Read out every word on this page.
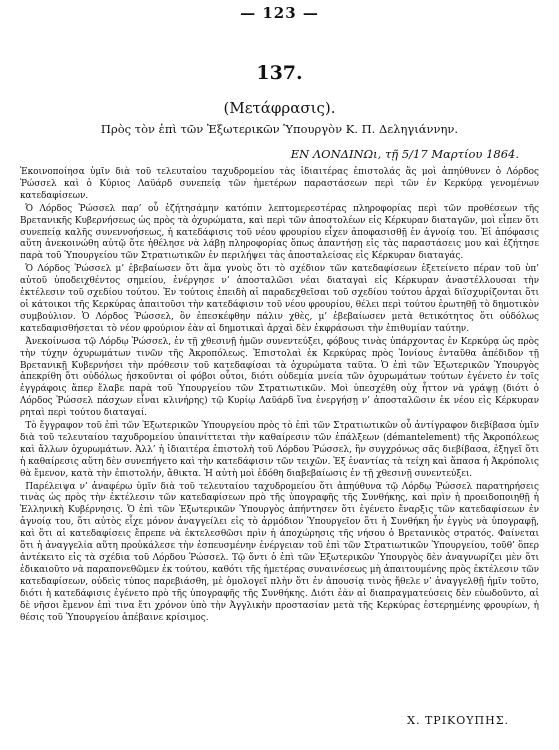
— 123 —
137.
(Μετάφρασις).
Πρὸς τὸν ἐπὶ τῶν Ἐξωτερικῶν Ὑπουργὸν Κ. Π. Δεληγιάννην.
ΕΝ ΛΟΝΔΙΝΩι, τῇ 5/17 Μαρτίου 1864.

Ἐκοινοποίησα ὑμῖν διὰ τοῦ τελευταίου ταχυδρομείου τὰς ἰδιαιτέρας ἐπιστολάς ἅς μοὶ ἀπηύθυνεν ὁ Λόρδος Ῥώσσελ καὶ ὁ Κύριος Λαϋάρδ συνεπείᾳ τῶν ἡμετέρων παραστάσεων περὶ τῶν ἐν Κερκύρᾳ γενομένων κατεδαφίσεων.

Ὁ Λόρδος Ῥώσσελ παρ’ οὗ ἐζήτησάμην κατόπιν λεπτομερεστέρας πληροφορίας περὶ τῶν προθέσεων τῆς Βρετανικῆς Κυβερνήσεως ὡς πρὸς τὰ ὀχυρώματα, καὶ περὶ τῶν ἀποστολέων εἰς Κέρκυραν διαταγῶν, μοὶ εἶπεν ὅτι συνεπείᾳ καλῆς συνεννοήσεως, ἡ κατεδάφισις τοῦ νέου φρουρίου εἶχεν ἀποφασισθῇ ἐν ἀγνοίᾳ του. Ἐἰ ἀπόφασις αὕτη ἀνεκοινώθη αὐτῷ ὅτε ἠθέλησε νὰ λάβῃ πληροφορίας ὅπως ἀπαντήσῃ εἰς τὰς παραστάσεις μου καὶ ἐζήτησε παρὰ τοῦ Ὑπουργείου τῶν Στρατιωτικῶν ἐν περιλήψει τὰς ἀποσταλείσας εἰς Κέρκυραν διαταγάς.

Ὁ Λόρδος Ῥώσσελ μ’ ἐβεβαίωσεν ὅτι ἅμα γνοὺς ὅτι τὸ σχέδιον τῶν κατεδαφίσεων ἐξετείνετο πέραν τοῦ ὑπ’ αὐτοῦ ὑποδειχθέντος σημείου, ἐνέργησε ν’ ἀποσταλῶσι νέαι διαταγαὶ εἰς Κέρκυραν ἀναστέλλουσαι τὴν ἐκτέλεσιν τοῦ σχεδίου τούτου. Ἐν τούτοις ἐπειδὴ αἱ παραδεχθεῖσαι τοῦ σχεδίου τούτου ἀρχαὶ διϊσχυρίζονται ὅτι οἱ κάτοικοι τῆς Κερκύρας ἀπαιτοῦσι τὴν κατεδάφισιν τοῦ νέου φρουρίου, θέλει περὶ τούτου ἐρωτηθῇ τὸ δημοτικὸν συμβούλιον. Ὁ Λόρδος Ῥώσσελ, ὃν ἐπεσκέφθην πάλιν χθὲς, μ’ ἐβεβαίωσεν μετὰ θετικότητος ὅτι οὐδόλως κατεδαφισθήσεται τὸ νέον φρούριον ἐὰν αἱ δημοτικαὶ ἀρχαὶ δὲν ἐκφράσωσι τὴν ἐπιθυμίαν ταύτην.

Ἀνεκοίνωσα τῷ Λόρδῳ Ῥώσσελ, ἐν τῇ χθεσινῇ ἡμῶν συνεντεύξει, φόβους τινὰς ὑπάρχοντας ἐν Κερκύρᾳ ὡς πρὸς τὴν τύχην ὀχυρωμάτων τινῶν τῆς Ἀκροπόλεως. Ἐπιστολαὶ ἐκ Κερκύρας πρὸς Ἰονίους ἐνταῦθα ἀπέδιδον τῇ Βρετανικῇ Κυβερνήσει τὴν πρόθεσιν τοῦ κατεδαφίσαι τὰ ὀχυρώματα ταῦτα. Ὁ ἐπὶ τῶν Ἐξωτερικῶν Ὑπουργὸς ἀπεκρίθη ὅτι οὐδόλως ἠσκοῦνται οἱ φόβοι οὗτοι, διότι οὐδεμία μνεία τῶν ὀχυρωμάτων τούτων ἐγένετο ἐν τοῖς ἐγγράφοις ἅπερ ἔλαβε παρὰ τοῦ Ὑπουργείου τῶν Στρατιωτικῶν. Μοὶ ὑπεσχέθη οὐχ ἧττον νὰ γράψῃ (διότι ὁ Λόρδος Ῥώσσελ πάσχων εἶναι κλινήρης) τῷ Κυρίῳ Λαϋάρδ ἵνα ἐνεργήσῃ ν’ ἀποσταλῶσιν ἐκ νέου εἰς Κέρκυραν ρηταὶ περὶ τούτου διαταγαί.

Τὸ ἔγγραφον τοῦ ἐπὶ τῶν Ἐξωτερικῶν Ὑπουργείου πρὸς τὸ ἐπὶ τῶν Στρατιωτικῶν οὗ ἀντίγραφον διεβίβασα ὑμῖν διὰ τοῦ τελευταίου ταχυδρομείου ὑπαινίττεται τὴν καθαίρεσιν τῶν ἐπάλξεων (démantelement) τῆς Ἀκροπόλεως καὶ ἄλλων ὀχυρωμάτων. Ἀλλ’ ἡ ἰδιαιτέρα ἐπιστολὴ τοῦ Λόρδου Ῥώσσελ, ἣν συγχρόνως σᾶς διεβίβασα, ἐξηγεῖ ὅτι ἡ καθαίρεσις αὕτη δὲν συνεπήγετο καὶ τὴν κατεδάφισιν τῶν τειχῶν. Ἐξ ἐναντίας τὰ τείχη καὶ ἅπασα ἡ Ἀκρόπολις θὰ ἔμενον, κατὰ τὴν ἐπιστολήν, ἄθικτα. Ἡ αὐτὴ μοὶ ἐδόθη διαβεβαίωσις ἐν τῇ χθεσινῇ συνεντεύξει.

Παρέλειψα ν’ ἀναφέρω ὑμῖν διὰ τοῦ τελευταίου ταχυδρομείου ὅτι ἀπηύθυνα τῷ Λόρδῳ Ῥώσσελ παρατηρήσεις τινὰς ὡς πρὸς τὴν ἐκτέλεσιν τῶν κατεδαφίσεων πρὸ τῆς ὑπογραφῆς τῆς Συνθήκης, καὶ πρὶν ἡ προειδοποιηθῇ ἡ Ἑλληνικὴ Κυβέρνησις. Ὁ ἐπὶ τῶν Ἐξωτερικῶν Ὑπουργὸς ἀπήντησεν ὅτι ἐγένετο ἔναρξις τῶν κατεδαφίσεων ἐν ἀγνοίᾳ του, ὅτι αὐτὸς εἶχε μόνον ἀναγγείλει εἰς τὸ ἁρμόδιον Ὑπουργεῖον ὅτι ἡ Συνθήκη ἦν ἐγγὺς νὰ ὑπογραφῇ, καὶ ὅτι αἱ κατεδαφίσεις ἔπρεπε νὰ ἐκτελεσθῶσι πρὶν ἡ ἀποχώρησις τῆς νήσου ὁ Βρετανικὸς στρατός. Φαίνεται ὅτι ἡ ἀναγγελία αὕτη προὐκάλεσε τὴν ἐσπευσμένην ἐνέργειαν τοῦ ἐπὶ τῶν Στρατιωτικῶν Ὑπουργείου, τοῦθ’ ὅπερ ἀντέκειτο εἰς τὰ σχέδια τοῦ Λόρδου Ῥώσσελ. Τῷ ὄντι ὁ ἐπὶ τῶν Ἐξωτερικῶν Ὑπουργὸς δὲν ἀναγνωρίζει μὲν ὅτι ἐδικαιοῦτο νὰ παραπονεθῶμεν ἐκ τούτου, καθότι τῆς ἡμετέρας συναινέσεως μὴ ἀπαιτουμένης πρὸς ἐκτέλεσιν τῶν κατεδαφίσεων, οὐδεὶς τύπος παρεβιάσθη, μὲ ὁμολογεῖ πλὴν ὅτι ἐν ἀπουσίᾳ τινὸς ἤθελε ν’ ἀναγγελθῇ ἡμῖν τοῦτο, διότι ἡ κατεδάφισις ἐγένετο πρὸ τῆς ὑπογραφῆς τῆς Συνθήκης. Διότι ἐὰν αἱ διαπραγματεύσεις δὲν εὐωδοῦντο, αἱ δὲ νῆσοι ἔμενον ἐπὶ τινα ἔτι χρόνον ὑπὸ τὴν Ἀγγλικὴν προστασίαν μετὰ τῆς Κερκύρας ἐστερημένης φρουρίων, ἡ θέσις τοῦ Ὑπουργείου ἀπέβαινε κρίσιμος.

Χ. ΤΡΙΚΟΥΠΗΣ.
